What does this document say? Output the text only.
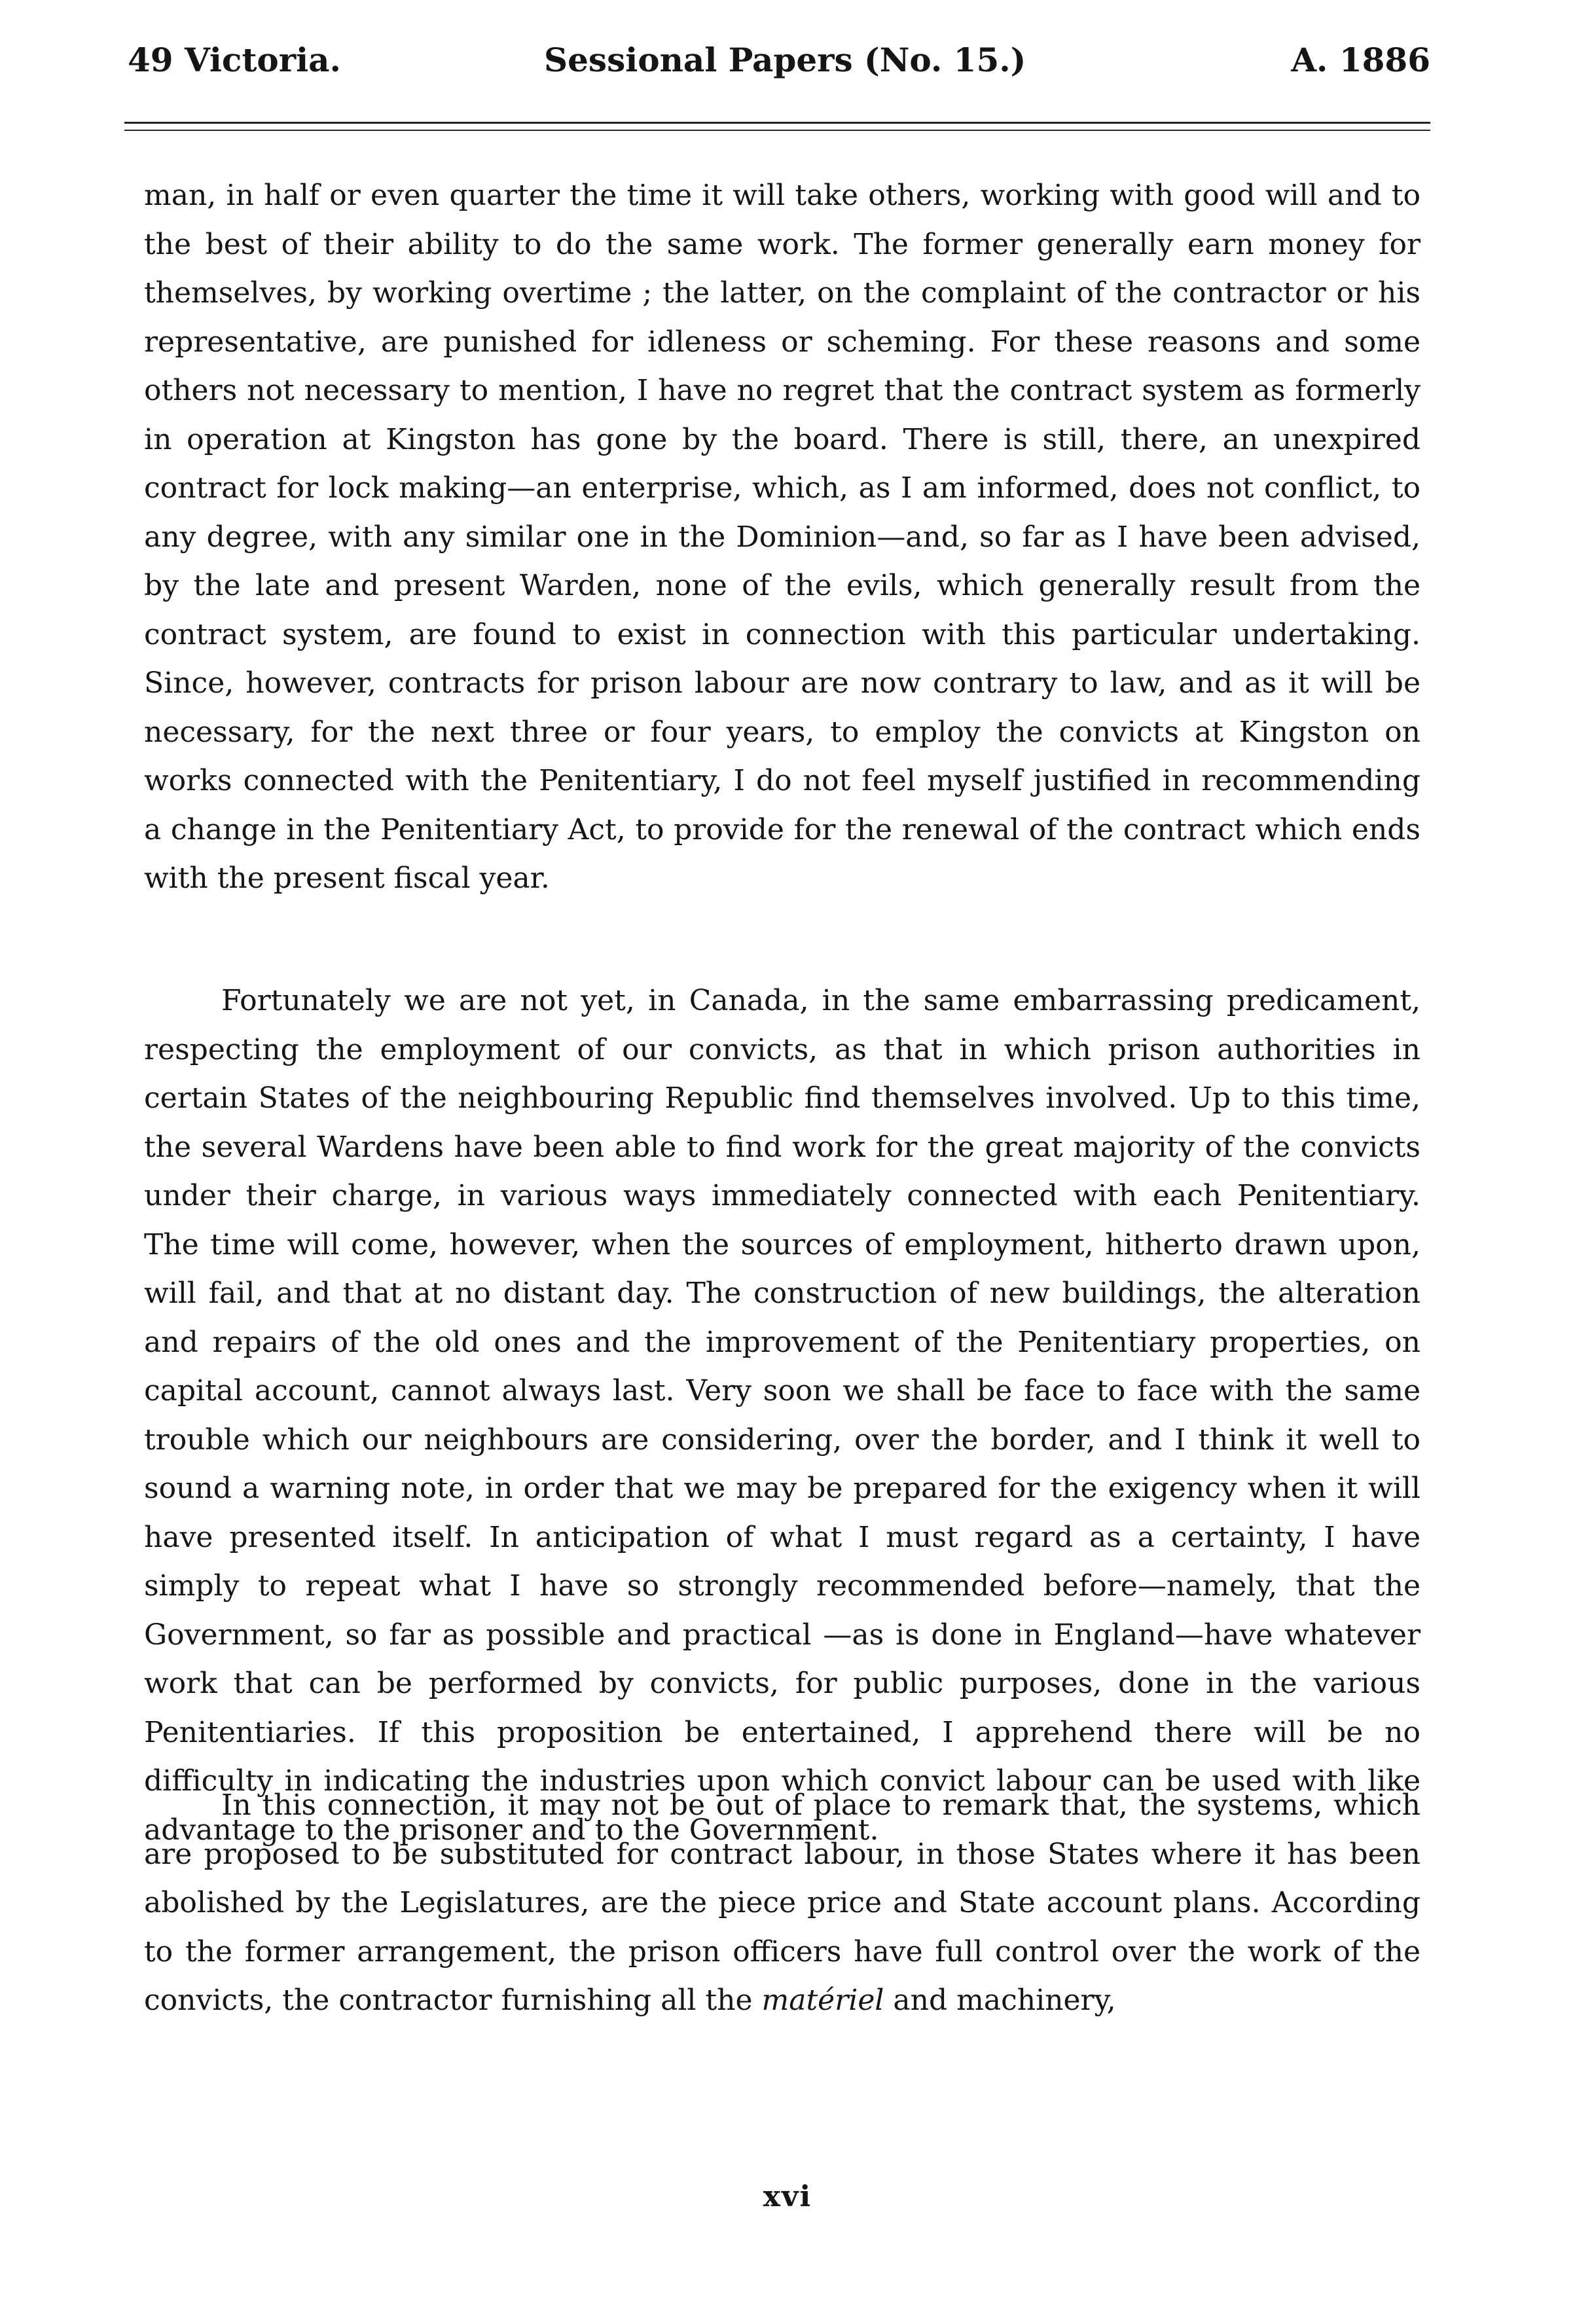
49 Victoria.	Sessional Papers (No. 15.)	A. 1886

man, in half or even quarter the time it will take others, working with good will and to the best of their ability to do the same work. The former generally earn money for themselves, by working overtime ; the latter, on the complaint of the contractor or his representative, are punished for idleness or scheming. For these reasons and some others not necessary to mention, I have no regret that the contract system as formerly in operation at Kingston has gone by the board. There is still, there, an unexpired contract for lock making—an enterprise, which, as I am informed, does not conflict, to any degree, with any similar one in the Dominion—and, so far as I have been advised, by the late and present Warden, none of the evils, which generally result from the contract system, are found to exist in connection with this particular undertaking. Since, however, contracts for prison labour are now contrary to law, and as it will be necessary, for the next three or four years, to employ the convicts at Kingston on works connected with the Penitentiary, I do not feel myself justified in recommending a change in the Penitentiary Act, to provide for the renewal of the contract which ends with the present fiscal year.

Fortunately we are not yet, in Canada, in the same embarrassing predicament, respecting the employment of our convicts, as that in which prison authorities in certain States of the neighbouring Republic find themselves involved. Up to this time, the several Wardens have been able to find work for the great majority of the convicts under their charge, in various ways immediately connected with each Penitentiary. The time will come, however, when the sources of employment, hitherto drawn upon, will fail, and that at no distant day. The construction of new buildings, the alteration and repairs of the old ones and the improvement of the Penitentiary properties, on capital account, cannot always last. Very soon we shall be face to face with the same trouble which our neighbours are considering, over the border, and I think it well to sound a warning note, in order that we may be prepared for the exigency when it will have presented itself. In anticipation of what I must regard as a certainty, I have simply to repeat what I have so strongly recommended before—namely, that the Government, so far as possible and practical —as is done in England—have whatever work that can be performed by convicts, for public purposes, done in the various Penitentiaries. If this proposition be entertained, I apprehend there will be no difficulty in indicating the industries upon which convict labour can be used with like advantage to the prisoner and to the Government.

In this connection, it may not be out of place to remark that, the systems, which are proposed to be substituted for contract labour, in those States where it has been abolished by the Legislatures, are the piece price and State account plans. According to the former arrangement, the prison officers have full control over the work of the convicts, the contractor furnishing all the matériel and machinery,

xvi
